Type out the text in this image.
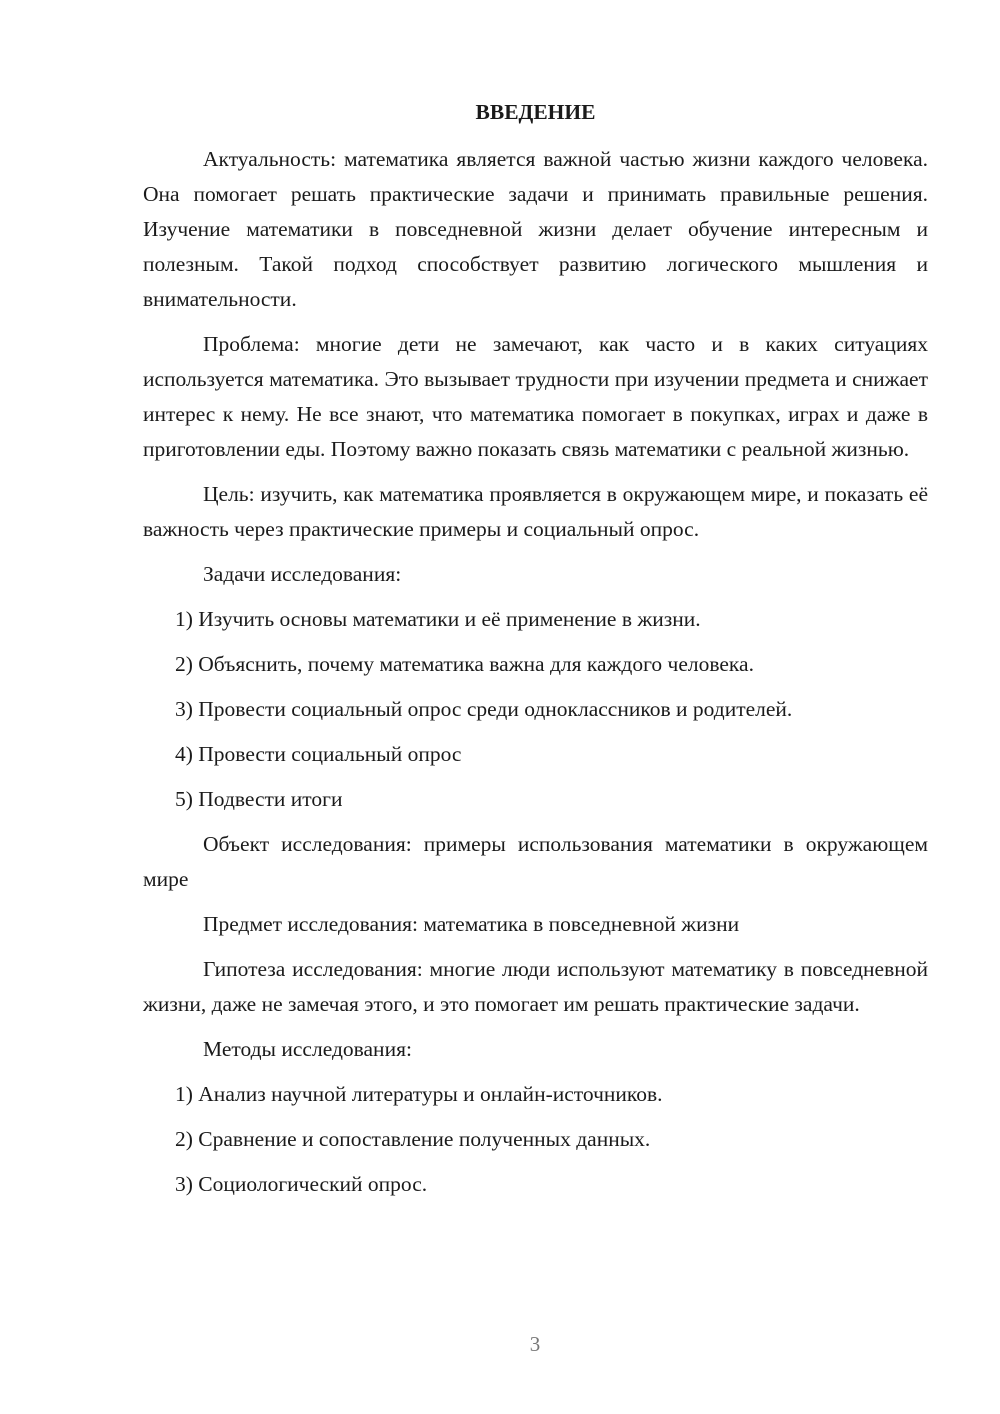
ВВЕДЕНИЕ

Актуальность: математика является важной частью жизни каждого человека. Она помогает решать практические задачи и принимать правильные решения. Изучение математики в повседневной жизни делает обучение интересным и полезным. Такой подход способствует развитию логического мышления и внимательности.

Проблема: многие дети не замечают, как часто и в каких ситуациях используется математика. Это вызывает трудности при изучении предмета и снижает интерес к нему. Не все знают, что математика помогает в покупках, играх и даже в приготовлении еды. Поэтому важно показать связь математики с реальной жизнью.

Цель: изучить, как математика проявляется в окружающем мире, и показать её важность через практические примеры и социальный опрос.

Задачи исследования:

1) Изучить основы математики и её применение в жизни.

2) Объяснить, почему математика важна для каждого человека.

3) Провести социальный опрос среди одноклассников и родителей.

4) Провести социальный опрос

5) Подвести итоги

Объект исследования: примеры использования математики в окружающем мире

Предмет исследования: математика в повседневной жизни

Гипотеза исследования: многие люди используют математику в повседневной жизни, даже не замечая этого, и это помогает им решать практические задачи.

Методы исследования:

1) Анализ научной литературы и онлайн-источников.

2) Сравнение и сопоставление полученных данных.

3) Социологический опрос.

3
